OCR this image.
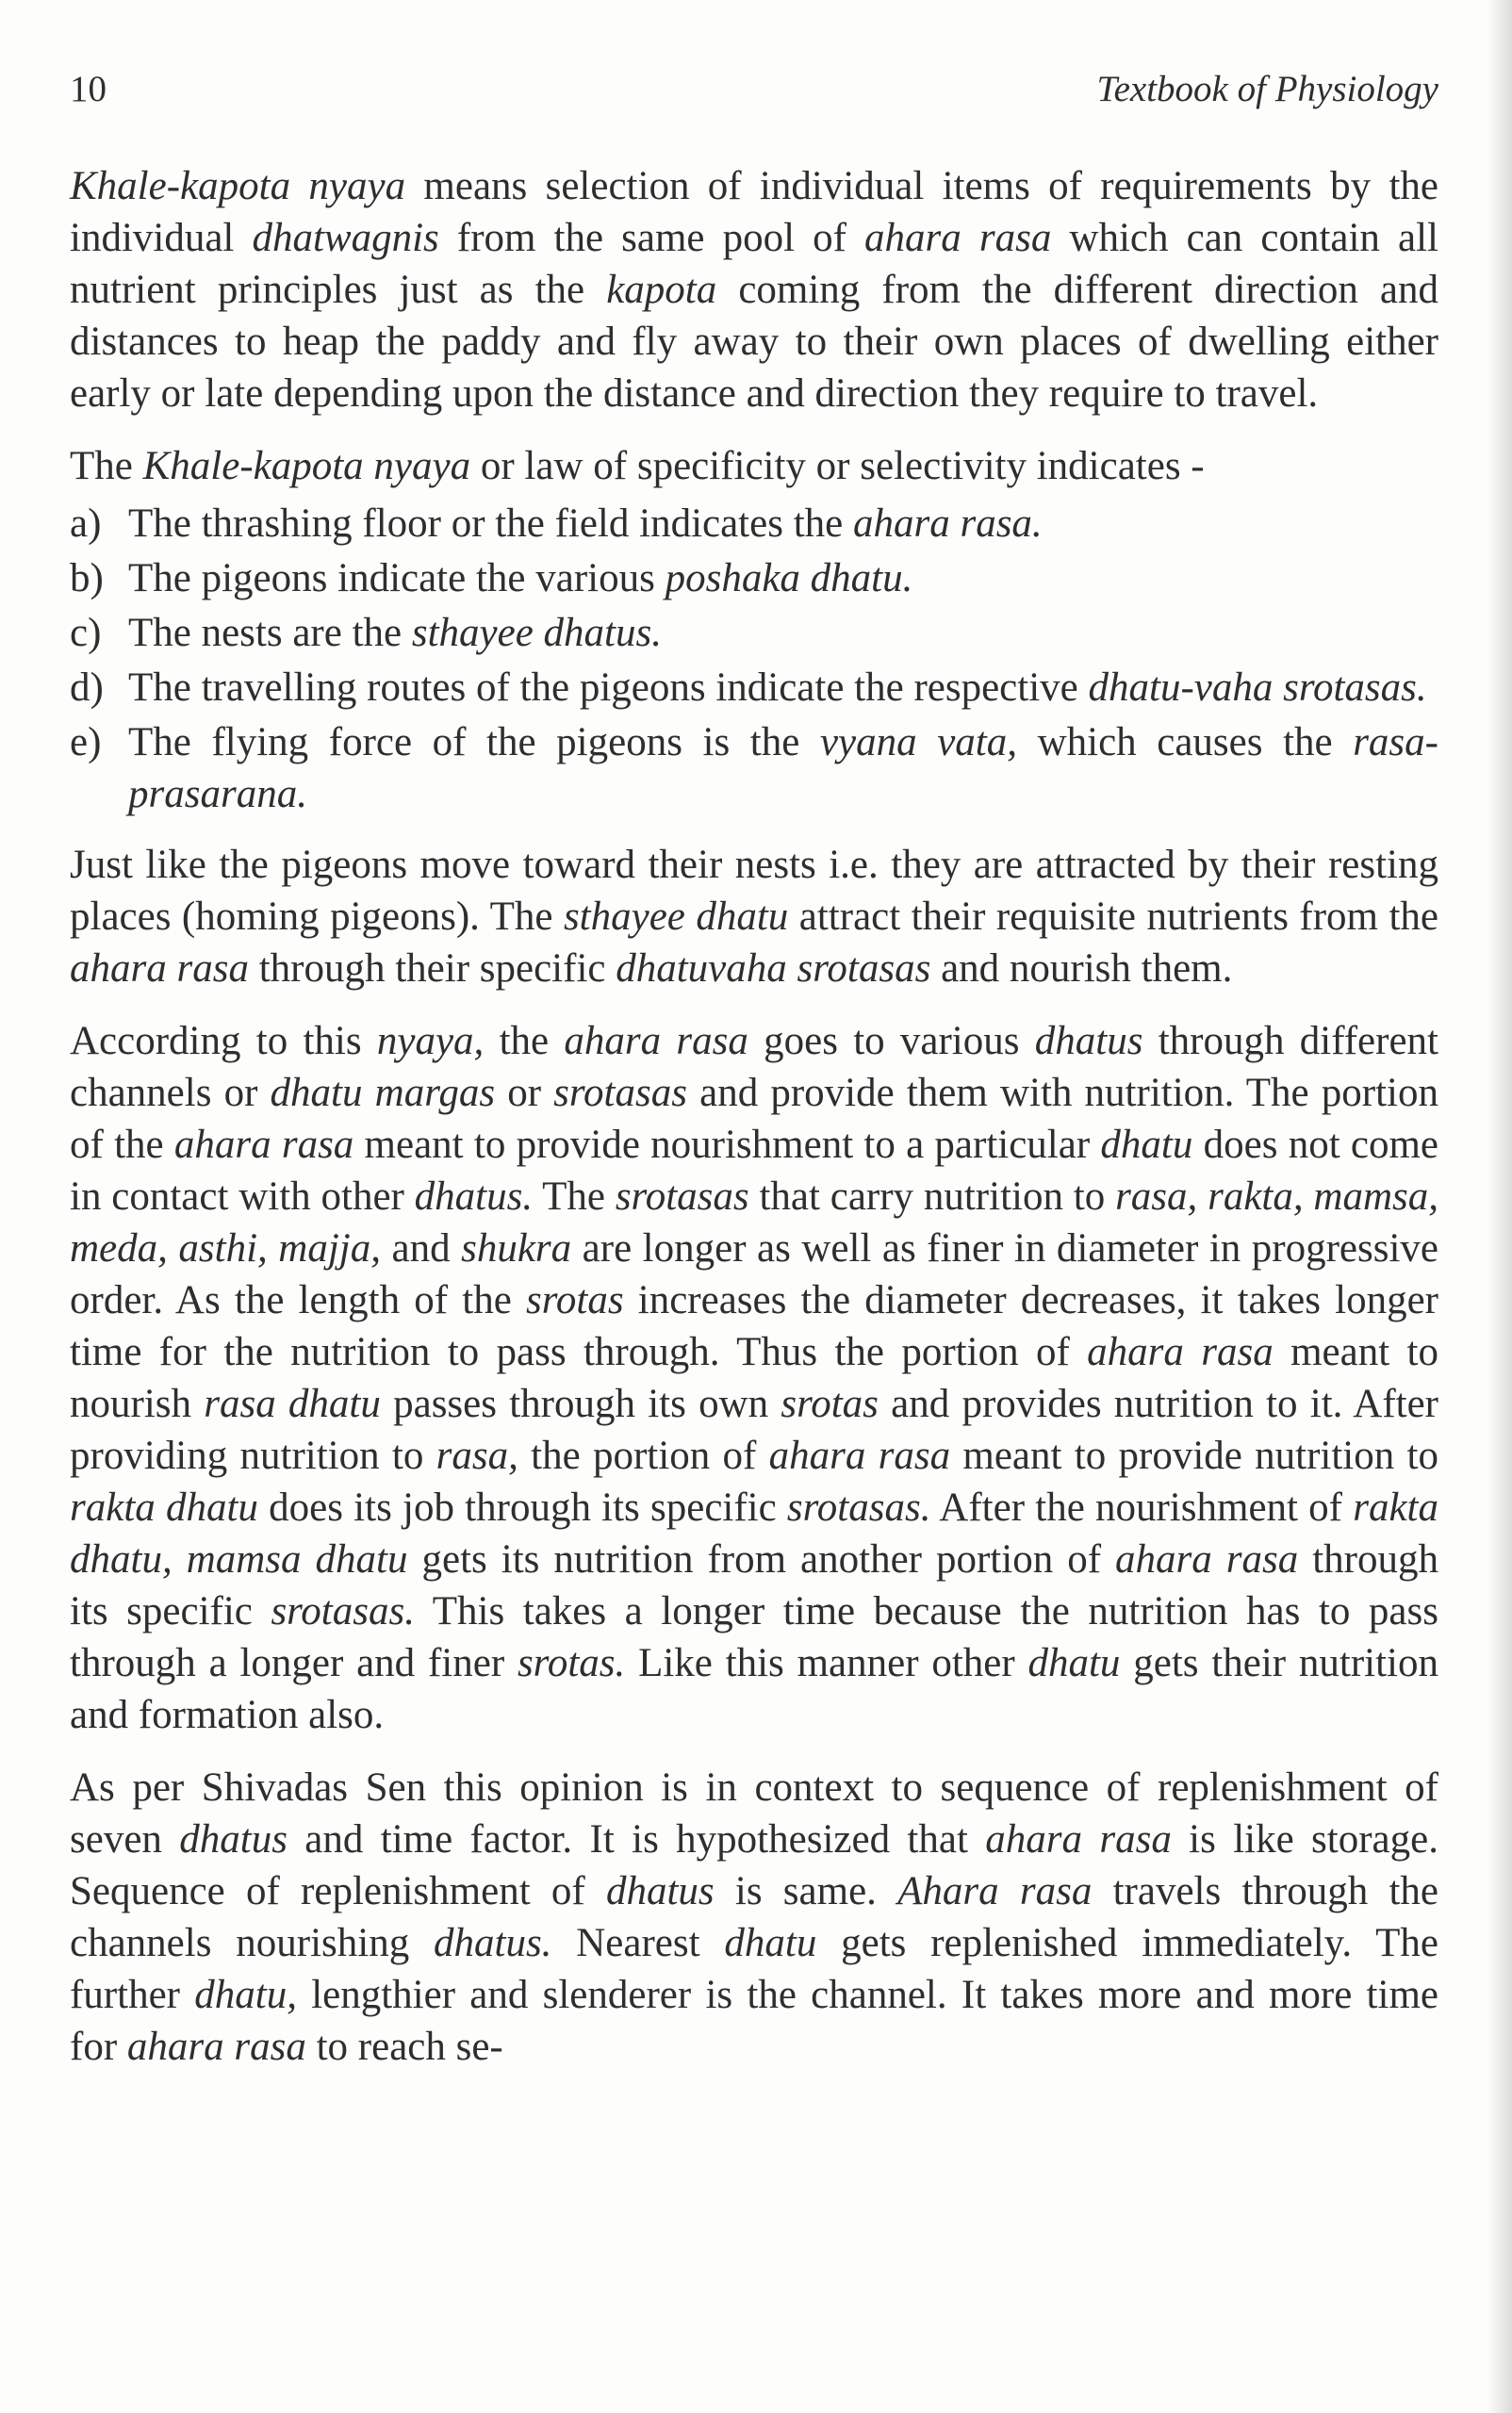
10	Textbook of Physiology

Khale-kapota nyaya means selection of individual items of requirements by the individual dhatwagnis from the same pool of ahara rasa which can contain all nutrient principles just as the kapota coming from the different direction and distances to heap the paddy and fly away to their own places of dwelling either early or late depending upon the distance and direction they require to travel.

The Khale-kapota nyaya or law of specificity or selectivity indicates -

a) The thrashing floor or the field indicates the ahara rasa.
b) The pigeons indicate the various poshaka dhatu.
c) The nests are the sthayee dhatus.
d) The travelling routes of the pigeons indicate the respective dhatu-vaha srotasas.
e) The flying force of the pigeons is the vyana vata, which causes the rasa-prasarana.

Just like the pigeons move toward their nests i.e. they are attracted by their resting places (homing pigeons). The sthayee dhatu attract their requisite nutrients from the ahara rasa through their specific dhatuvaha srotasas and nourish them.

According to this nyaya, the ahara rasa goes to various dhatus through different channels or dhatu margas or srotasas and provide them with nutrition. The portion of the ahara rasa meant to provide nourishment to a particular dhatu does not come in contact with other dhatus. The srotasas that carry nutrition to rasa, rakta, mamsa, meda, asthi, majja, and shukra are longer as well as finer in diameter in progressive order. As the length of the srotas increases the diameter decreases, it takes longer time for the nutrition to pass through. Thus the portion of ahara rasa meant to nourish rasa dhatu passes through its own srotas and provides nutrition to it. After providing nutrition to rasa, the portion of ahara rasa meant to provide nutrition to rakta dhatu does its job through its specific srotasas. After the nourishment of rakta dhatu, mamsa dhatu gets its nutrition from another portion of ahara rasa through its specific srotasas. This takes a longer time because the nutrition has to pass through a longer and finer srotas. Like this manner other dhatu gets their nutrition and formation also.

As per Shivadas Sen this opinion is in context to sequence of replenishment of seven dhatus and time factor. It is hypothesized that ahara rasa is like storage. Sequence of replenishment of dhatus is same. Ahara rasa travels through the channels nourishing dhatus. Nearest dhatu gets replenished immediately. The further dhatu, lengthier and slenderer is the channel. It takes more and more time for ahara rasa to reach se-
